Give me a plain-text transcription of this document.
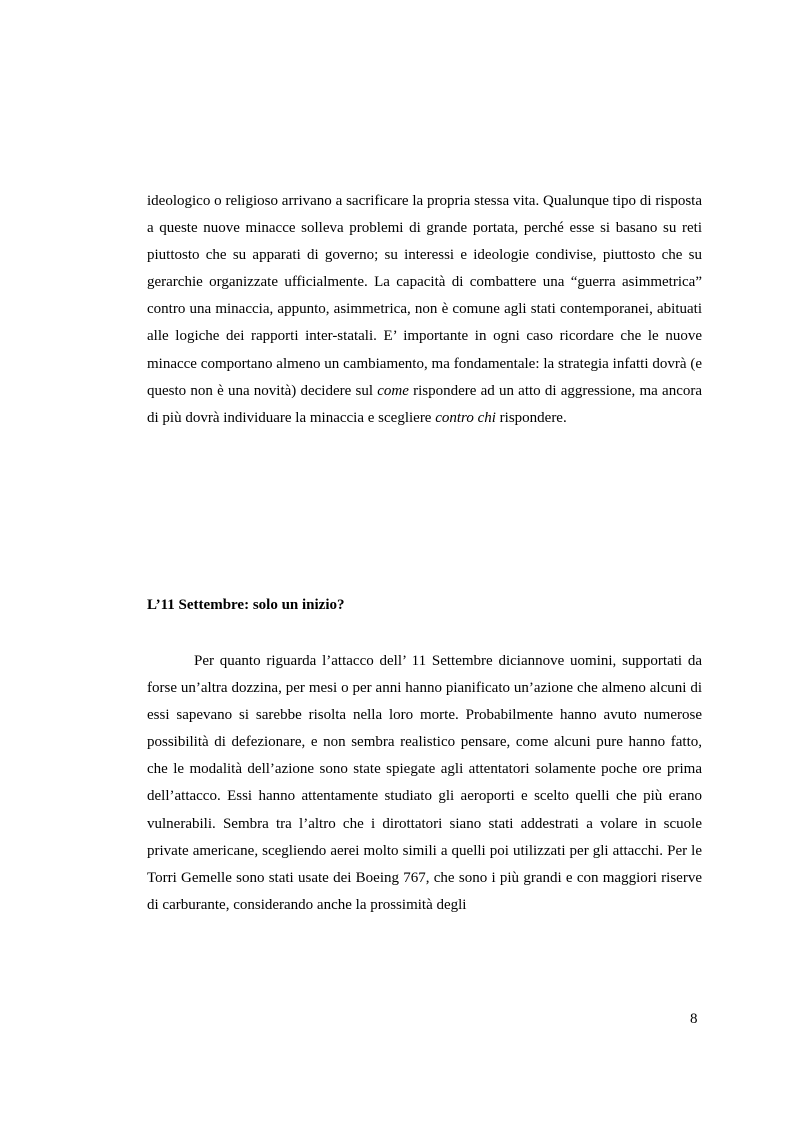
ideologico o religioso arrivano a sacrificare la propria stessa vita. Qualunque tipo di risposta a queste nuove minacce solleva problemi di grande portata, perché esse si basano su reti piuttosto che su apparati di governo; su interessi e ideologie condivise, piuttosto che su gerarchie organizzate ufficialmente. La capacità di combattere una “guerra asimmetrica” contro una minaccia, appunto, asimmetrica, non è comune agli stati contemporanei, abituati alle logiche dei rapporti inter-statali. E’ importante in ogni caso ricordare che le nuove minacce comportano almeno un cambiamento, ma fondamentale: la strategia infatti dovrà (e questo non è una novità) decidere sul come rispondere ad un atto di aggressione, ma ancora di più dovrà individuare la minaccia e scegliere contro chi rispondere.

L’11 Settembre: solo un inizio?

Per quanto riguarda l’attacco dell’ 11 Settembre diciannove uomini, supportati da forse un’altra dozzina, per mesi o per anni hanno pianificato un’azione che almeno alcuni di essi sapevano si sarebbe risolta nella loro morte. Probabilmente hanno avuto numerose possibilità di defezionare, e non sembra realistico pensare, come alcuni pure hanno fatto, che le modalità dell’azione sono state spiegate agli attentatori solamente poche ore prima dell’attacco. Essi hanno attentamente studiato gli aeroporti e scelto quelli che più erano vulnerabili. Sembra tra l’altro che i dirottatori siano stati addestrati a volare in scuole private americane, scegliendo aerei molto simili a quelli poi utilizzati per gli attacchi. Per le Torri Gemelle sono stati usate dei Boeing 767, che sono i più grandi e con maggiori riserve di carburante, considerando anche la prossimità degli

8
